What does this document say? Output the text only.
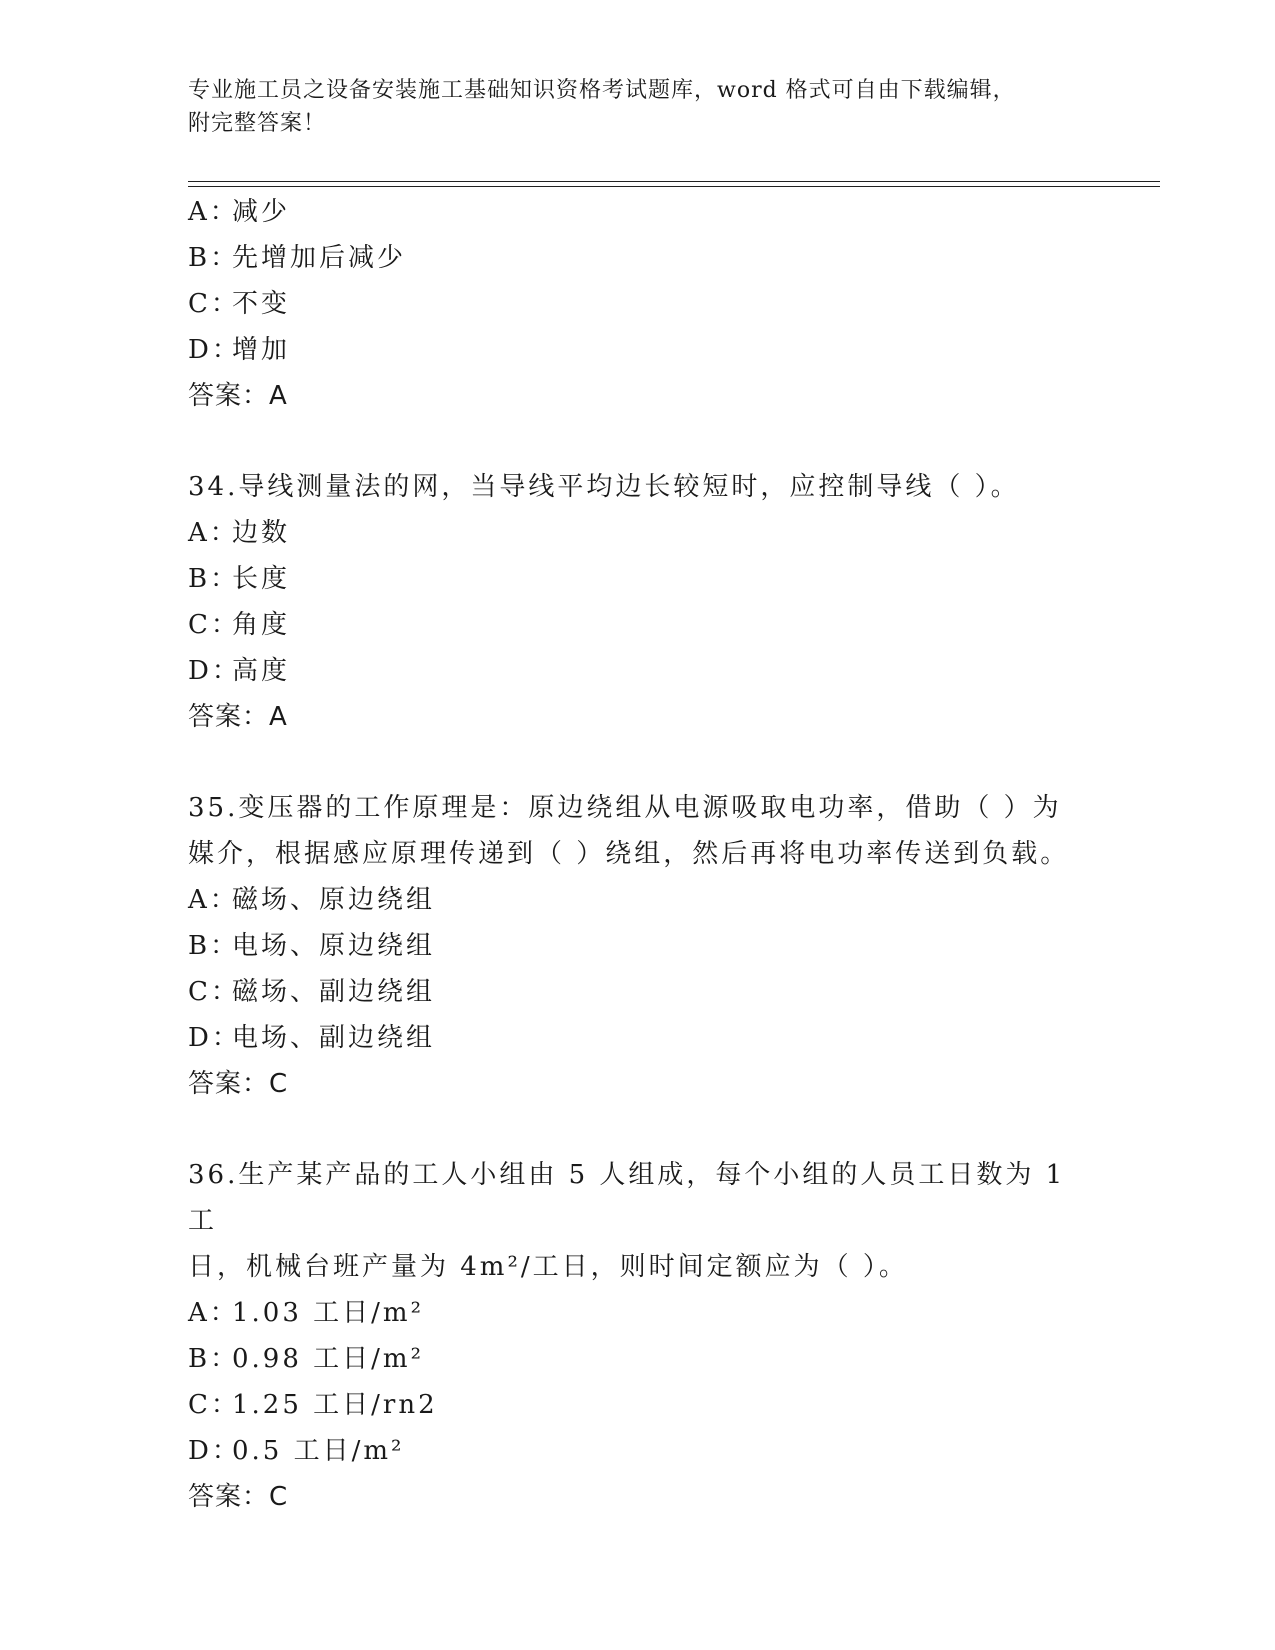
专业施工员之设备安装施工基础知识资格考试题库，word 格式可自由下载编辑，
附完整答案！
A：减少
B：先增加后减少
C：不变
D：增加
答案：A
34.导线测量法的网，当导线平均边长较短时，应控制导线（ ）。
A：边数
B：长度
C：角度
D：高度
答案：A
35.变压器的工作原理是：原边绕组从电源吸取电功率，借助（ ）为
媒介，根据感应原理传递到（ ）绕组，然后再将电功率传送到负载。
A：磁场、原边绕组
B：电场、原边绕组
C：磁场、副边绕组
D：电场、副边绕组
答案：C
36.生产某产品的工人小组由 5 人组成，每个小组的人员工日数为 1 工
日，机械台班产量为 4m²/工日，则时间定额应为（ ）。
A：1.03 工日/m²
B：0.98 工日/m²
C：1.25 工日/rn2
D：0.5 工日/m²
答案：C
